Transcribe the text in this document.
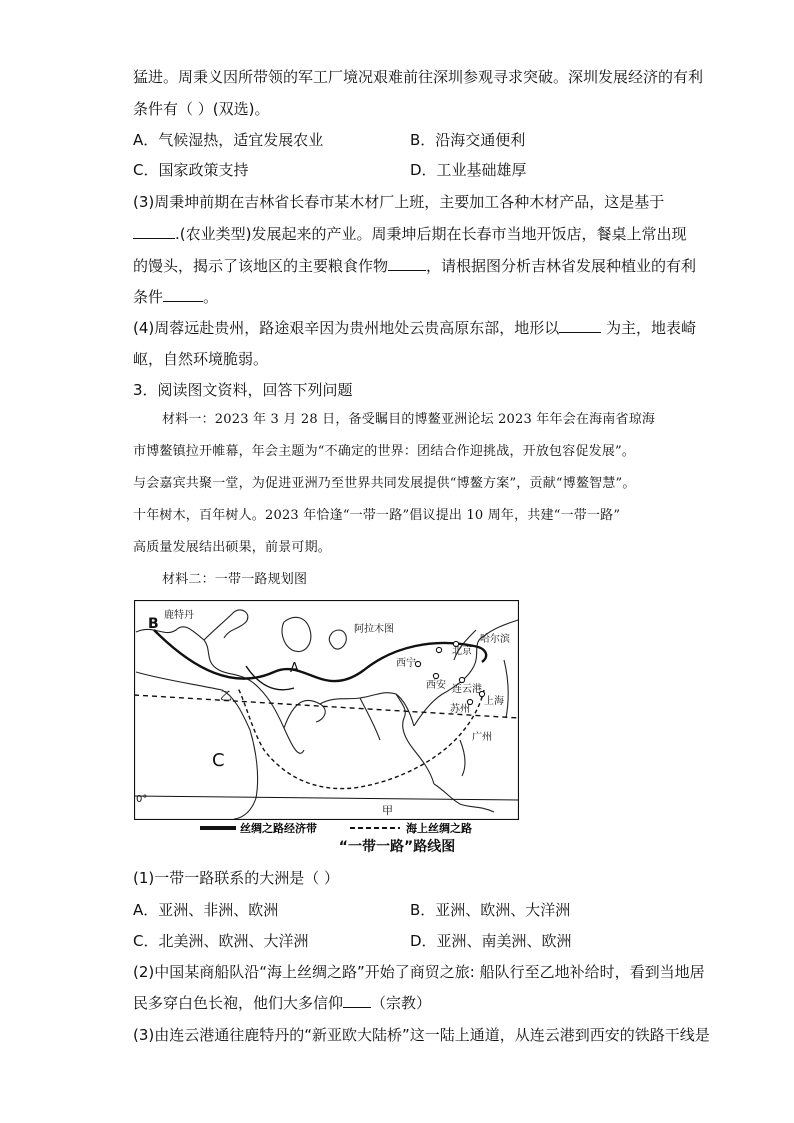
猛进。周秉义因所带领的军工厂境况艰难前往深圳参观寻求突破。深圳发展经济的有利
条件有（ ）(双选)。
A．气候湿热，适宜发展农业	B．沿海交通便利
C．国家政策支持	D．工业基础雄厚
(3)周秉坤前期在吉林省长春市某木材厂上班，主要加工各种木材产品，这是基于
.(农业类型)发展起来的产业。周秉坤后期在长春市当地开饭店，餐桌上常出现
的馒头，揭示了该地区的主要粮食作物	，请根据图分析吉林省发展种植业的有利
条件	。
(4)周蓉远赴贵州，路途艰辛因为贵州地处云贵高原东部，地形以	为主，地表崎
岖，自然环境脆弱。
3．阅读图文资料，回答下列问题
材料一：2023 年 3 月 28 日，备受瞩目的博鳌亚洲论坛 2023 年年会在海南省琼海
市博鳌镇拉开帷幕，年会主题为“不确定的世界：团结合作迎挑战，开放包容促发展”。
与会嘉宾共聚一堂，为促进亚洲乃至世界共同发展提供“博鳌方案”，贡献“博鳌智慧”。
十年树木，百年树人。2023 年恰逢“一带一路”倡议提出 10 周年，共建“一带一路”
高质量发展结出硕果，前景可期。
材料二：一带一路规划图
B
鹿特丹
A
阿拉木图
哈尔滨
北京
西宁
西安 连云港
苏州
上海
乙
C
甲
0°
广州
丝绸之路经济带	海上丝绸之路
“一带一路”路线图
(1)一带一路联系的大洲是（ ）
A．亚洲、非洲、欧洲	B．亚洲、欧洲、大洋洲
C．北美洲、欧洲、大洋洲	D．亚洲、南美洲、欧洲
(2)中国某商船队沿“海上丝绸之路”开始了商贸之旅: 船队行至乙地补给时，看到当地居
民多穿白色长袍，他们大多信仰 （宗教）
(3)由连云港通往鹿特丹的“新亚欧大陆桥”这一陆上通道，从连云港到西安的铁路干线是
